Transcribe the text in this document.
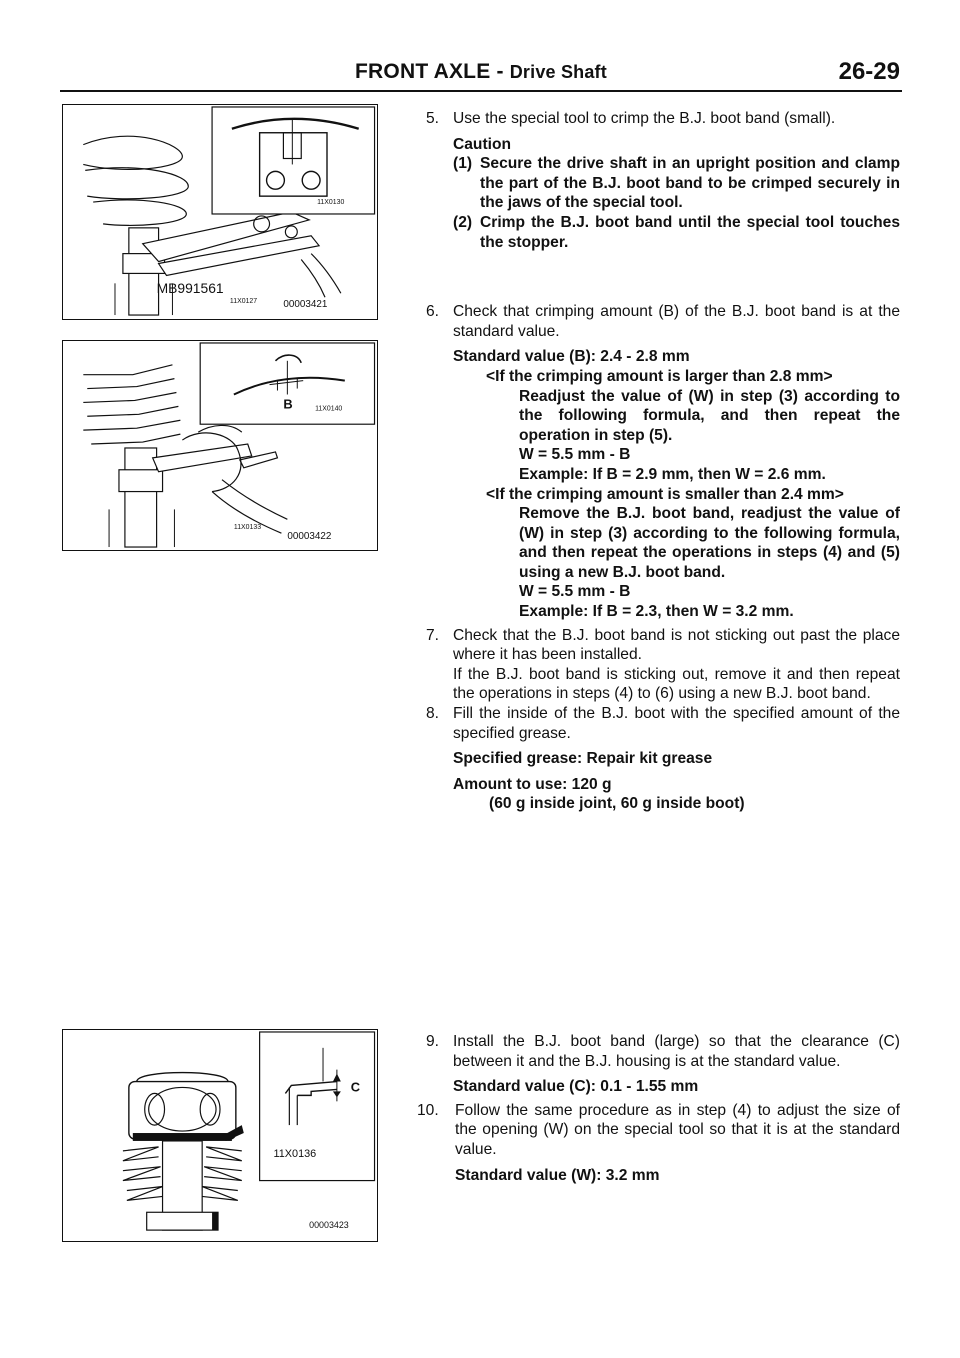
FRONT AXLE - Drive Shaft	26-29
11X0130
MB991561
11X0127	00003421
B	11X0140
11X0133
00003422
C
11X0136
00003423
5. Use the special tool to crimp the B.J. boot band (small).
Caution
(1) Secure the drive shaft in an upright position and clamp the part of the B.J. boot band to be crimped securely in the jaws of the special tool.
(2) Crimp the B.J. boot band until the special tool touches the stopper.
6. Check that crimping amount (B) of the B.J. boot band is at the standard value.
Standard value (B): 2.4 - 2.8 mm
<If the crimping amount is larger than 2.8 mm>
Readjust the value of (W) in step (3) according to the following formula, and then repeat the operation in step (5).
W = 5.5 mm - B
Example: If B = 2.9 mm, then W = 2.6 mm.
<If the crimping amount is smaller than 2.4 mm>
Remove the B.J. boot band, readjust the value of (W) in step (3) according to the following formula, and then repeat the operations in steps (4) and (5) using a new B.J. boot band.
W = 5.5 mm - B
Example: If B = 2.3, then W = 3.2 mm.
7. Check that the B.J. boot band is not sticking out past the place where it has been installed.
If the B.J. boot band is sticking out, remove it and then repeat the operations in steps (4) to (6) using a new B.J. boot band.
8. Fill the inside of the B.J. boot with the specified amount of the specified grease.
Specified grease: Repair kit grease
Amount to use: 120 g
(60 g inside joint, 60 g inside boot)
9. Install the B.J. boot band (large) so that the clearance (C) between it and the B.J. housing is at the standard value.
Standard value (C): 0.1 - 1.55 mm
10. Follow the same procedure as in step (4) to adjust the size of the opening (W) on the special tool so that it is at the standard value.
Standard value (W): 3.2 mm
